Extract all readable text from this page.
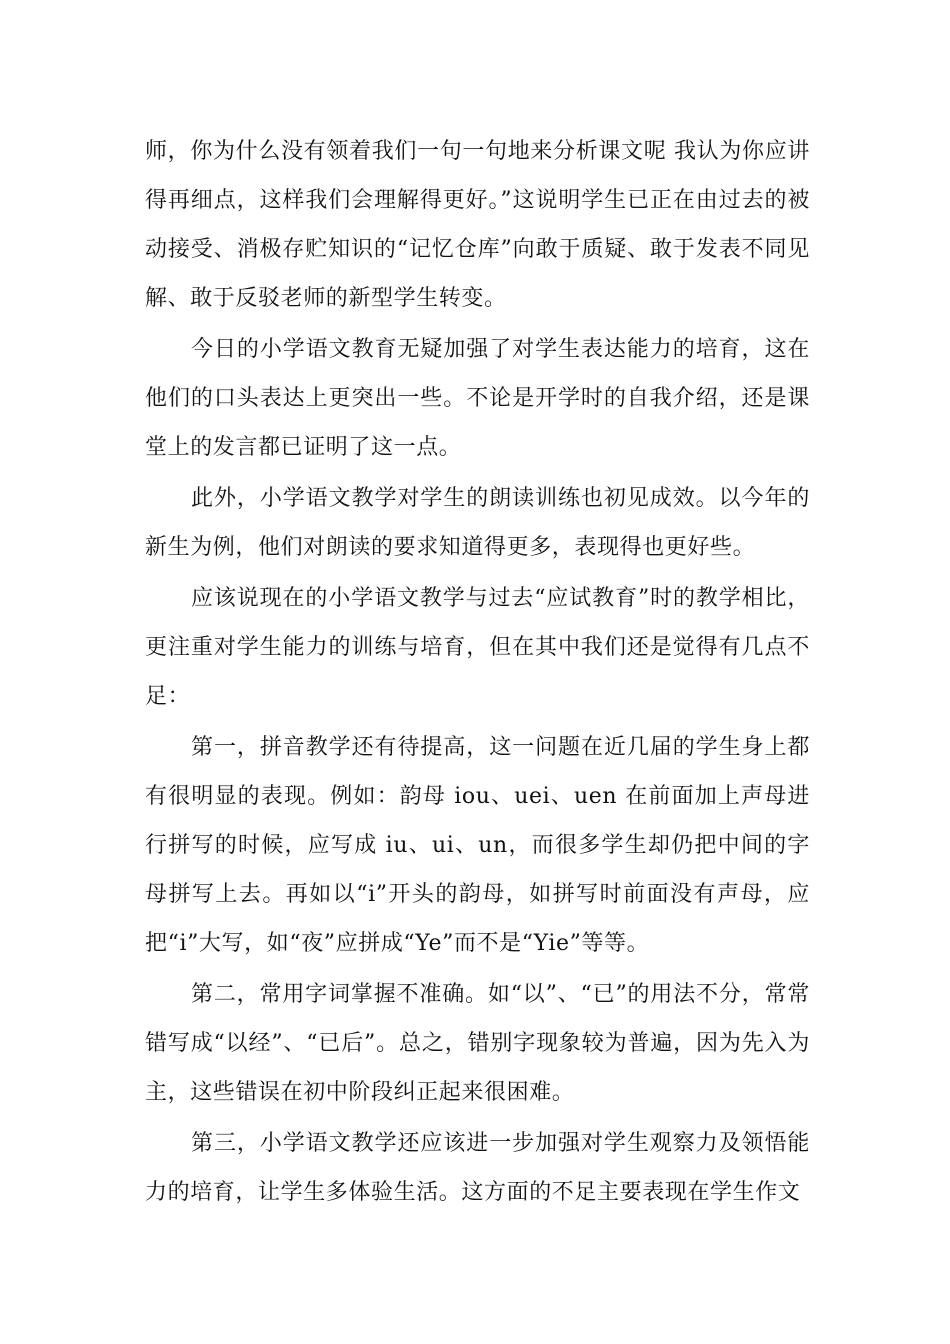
师，你为什么没有领着我们一句一句地来分析课文呢 我认为你应讲得再细点，这样我们会理解得更好。”这说明学生已正在由过去的被动接受、消极存贮知识的“记忆仓库”向敢于质疑、敢于发表不同见解、敢于反驳老师的新型学生转变。

今日的小学语文教育无疑加强了对学生表达能力的培育，这在他们的口头表达上更突出一些。不论是开学时的自我介绍，还是课堂上的发言都已证明了这一点。

此外，小学语文教学对学生的朗读训练也初见成效。以今年的新生为例，他们对朗读的要求知道得更多，表现得也更好些。

应该说现在的小学语文教学与过去“应试教育”时的教学相比，更注重对学生能力的训练与培育，但在其中我们还是觉得有几点不足：

第一，拼音教学还有待提高，这一问题在近几届的学生身上都有很明显的表现。例如：韵母 iou、uei、uen 在前面加上声母进行拼写的时候，应写成 iu、ui、un，而很多学生却仍把中间的字母拼写上去。再如以“i”开头的韵母，如拼写时前面没有声母，应把“i”大写，如“夜”应拼成“Ye”而不是“Yie”等等。

第二，常用字词掌握不准确。如“以”、“已”的用法不分，常常错写成“以经”、“已后”。总之，错别字现象较为普遍，因为先入为主，这些错误在初中阶段纠正起来很困难。

第三，小学语文教学还应该进一步加强对学生观察力及领悟能力的培育，让学生多体验生活。这方面的不足主要表现在学生作文
